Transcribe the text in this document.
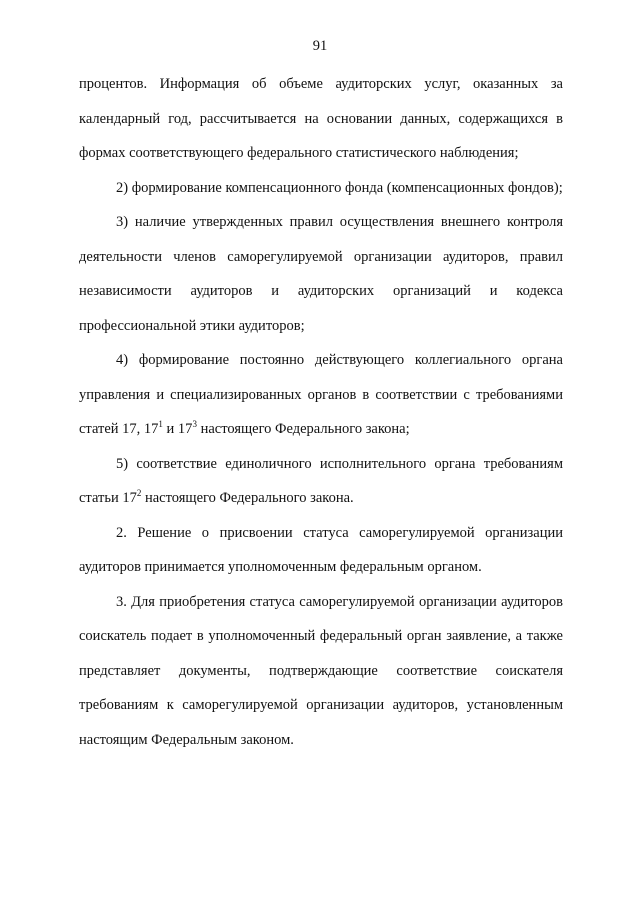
91

процентов. Информация об объеме аудиторских услуг, оказанных за календарный год, рассчитывается на основании данных, содержащихся в формах соответствующего федерального статистического наблюдения;

2) формирование компенсационного фонда (компенсационных фондов);

3) наличие утвержденных правил осуществления внешнего контроля деятельности членов саморегулируемой организации аудиторов, правил независимости аудиторов и аудиторских организаций и кодекса профессиональной этики аудиторов;

4) формирование постоянно действующего коллегиального органа управления и специализированных органов в соответствии с требованиями статей 17, $17^1$ и $17^3$ настоящего Федерального закона;

5) соответствие единоличного исполнительного органа требованиям статьи $17^2$ настоящего Федерального закона.

2. Решение о присвоении статуса саморегулируемой организации аудиторов принимается уполномоченным федеральным органом.

3. Для приобретения статуса саморегулируемой организации аудиторов соискатель подает в уполномоченный федеральный орган заявление, а также представляет документы, подтверждающие соответствие соискателя требованиям к саморегулируемой организации аудиторов, установленным настоящим Федеральным законом.
